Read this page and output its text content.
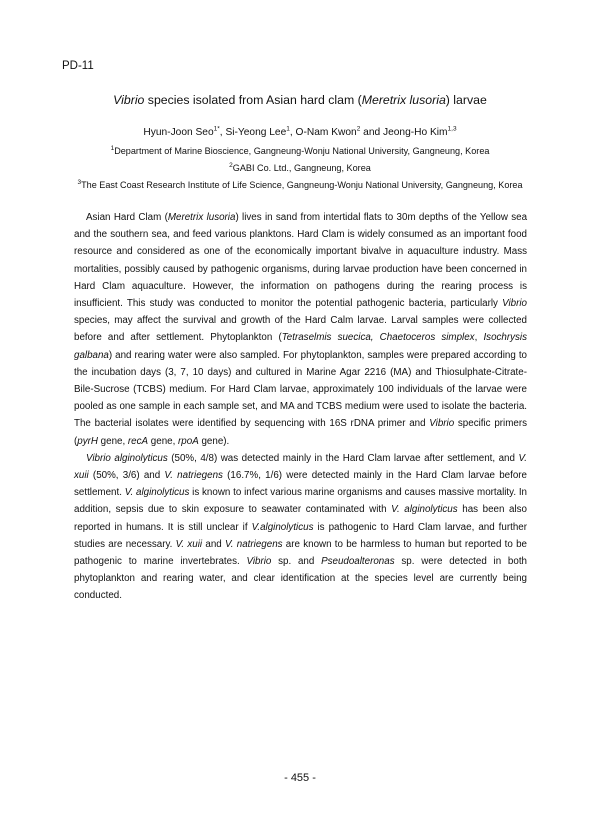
PD-11
Vibrio species isolated from Asian hard clam (Meretrix lusoria) larvae
Hyun-Joon Seo$^{1*}$, Si-Yeong Lee$^1$, O-Nam Kwon$^2$ and Jeong-Ho Kim$^{1,3}$
$^1$Department of Marine Bioscience, Gangneung-Wonju National University, Gangneung, Korea
$^2$GABI Co. Ltd., Gangneung, Korea
$^3$The East Coast Research Institute of Life Science, Gangneung-Wonju National University, Gangneung, Korea

Asian Hard Clam (Meretrix lusoria) lives in sand from intertidal flats to 30m depths of the Yellow sea and the southern sea, and feed various planktons. Hard Clam is widely consumed as an important food resource and considered as one of the economically important bivalve in aquaculture industry. Mass mortalities, possibly caused by pathogenic organisms, during larvae production have been concerned in Hard Clam aquaculture. However, the information on pathogens during the rearing process is insufficient. This study was conducted to monitor the potential pathogenic bacteria, particularly Vibrio species, may affect the survival and growth of the Hard Calm larvae. Larval samples were collected before and after settlement. Phytoplankton (Tetraselmis suecica, Chaetoceros simplex, Isochrysis galbana) and rearing water were also sampled. For phytoplankton, samples were prepared according to the incubation days (3, 7, 10 days) and cultured in Marine Agar 2216 (MA) and Thiosulphate-Citrate-Bile-Sucrose (TCBS) medium. For Hard Clam larvae, approximately 100 individuals of the larvae were pooled as one sample in each sample set, and MA and TCBS medium were used to isolate the bacteria. The bacterial isolates were identified by sequencing with 16S rDNA primer and Vibrio specific primers (pyrH gene, recA gene, rpoA gene).

Vibrio alginolyticus (50%, 4/8) was detected mainly in the Hard Clam larvae after settlement, and V. xuii (50%, 3/6) and V. natriegens (16.7%, 1/6) were detected mainly in the Hard Clam larvae before settlement. V. alginolyticus is known to infect various marine organisms and causes massive mortality. In addition, sepsis due to skin exposure to seawater contaminated with V. alginolyticus has been also reported in humans. It is still unclear if V.alginolyticus is pathogenic to Hard Clam larvae, and further studies are necessary. V. xuii and V. natriegens are known to be harmless to human but reported to be pathogenic to marine invertebrates. Vibrio sp. and Pseudoalteronas sp. were detected in both phytoplankton and rearing water, and clear identification at the species level are currently being conducted.

- 455 -
